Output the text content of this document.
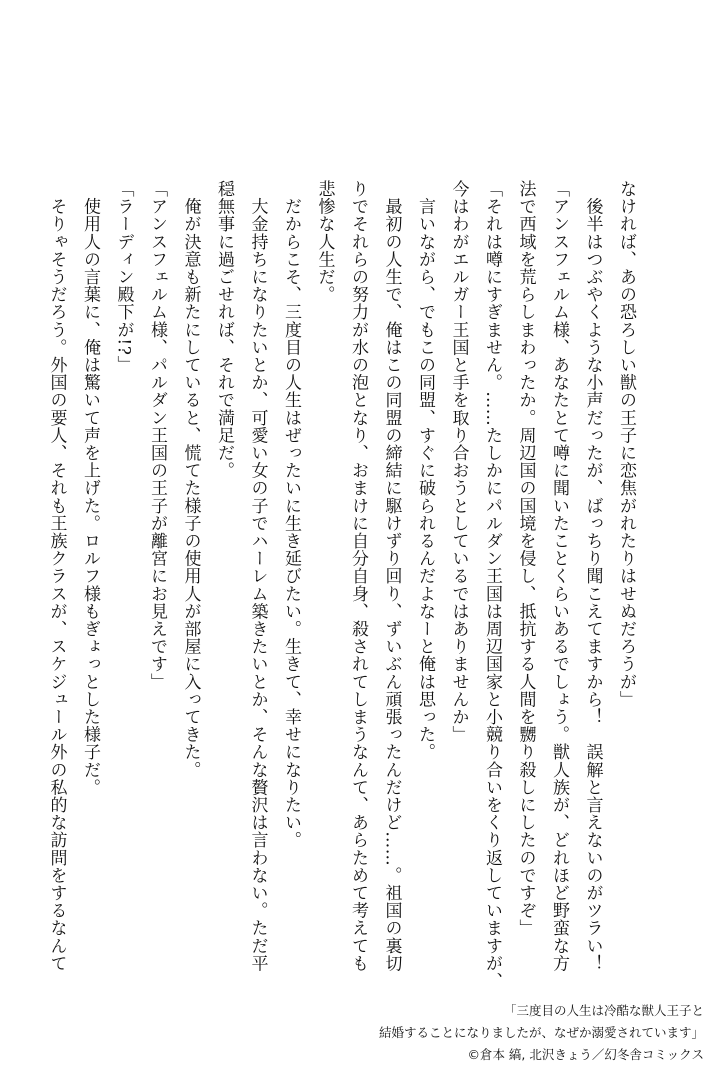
なければ、あの恐ろしい獣の王子に恋焦がれたりはせぬだろうが」

　後半はつぶやくような小声だったが、ばっちり聞こえてますから！　誤解と言えないのがツラい！

「アンスフェルム様、あなたとて噂に聞いたことくらいあるでしょう。獣人族が、どれほど野蛮な方

法で西域を荒らしまわったか。周辺国の国境を侵し、抵抗する人間を嬲り殺しにしたのですぞ」

「それは噂にすぎません。……たしかにパルダン王国は周辺国家と小競り合いをくり返していますが、

今はわがエルガー王国と手を取り合おうとしているではありませんか」

　言いながら、でもこの同盟、すぐに破られるんだよなーと俺は思った。

　最初の人生で、俺はこの同盟の締結に駆けずり回り、ずいぶん頑張ったんだけど……。祖国の裏切

りでそれらの努力が水の泡となり、おまけに自分自身、殺されてしまうなんて、あらためて考えても

悲惨な人生だ。

　だからこそ、三度目の人生はぜったいに生き延びたい。生きて、幸せになりたい。

　大金持ちになりたいとか、可愛い女の子でハーレム築きたいとか、そんな贅沢は言わない。ただ平

穏無事に過ごせれば、それで満足だ。

　俺が決意も新たにしていると、慌てた様子の使用人が部屋に入ってきた。

「アンスフェルム様、パルダン王国の王子が離宮にお見えです」

「ラーディン殿下が!?」

　使用人の言葉に、俺は驚いて声を上げた。ロルフ様もぎょっとした様子だ。

　そりゃそうだろう。外国の要人、それも王族クラスが、スケジュール外の私的な訪問をするなんて

「三度目の人生は冷酷な獣人王子と
結婚することになりましたが、なぜか溺愛されています」
©倉本 縞, 北沢きょう／幻冬舎コミックス
